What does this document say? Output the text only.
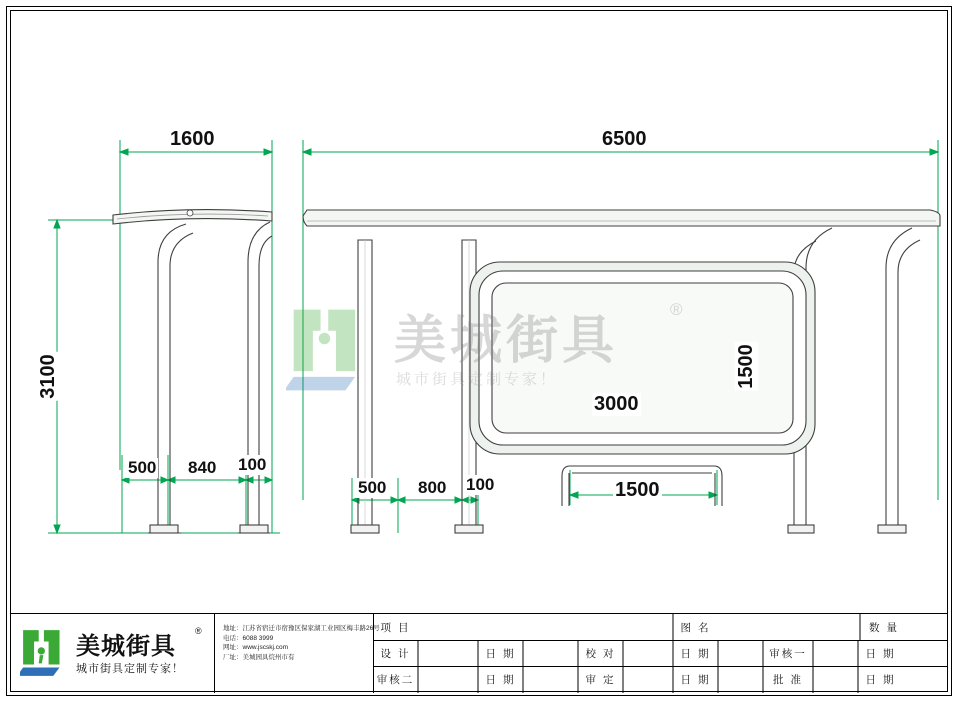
美城街具
®
城市街具定制专家！
1600	6500
3100
500 840 100
500 800 100
1500
3000
1500
美城街具
®
城市街具定制专家！
地址：江苏省宿迁市宿豫区保家湖工业园区梅丰路26号
电话：6088 3999
网址：www.jscskj.com
厂址：美城园具烷州市有
项 目	图 名	数 量
设 计	日 期	校 对	日 期	审核一	日 期
审核二	日 期	审 定	日 期	批 准	日 期
